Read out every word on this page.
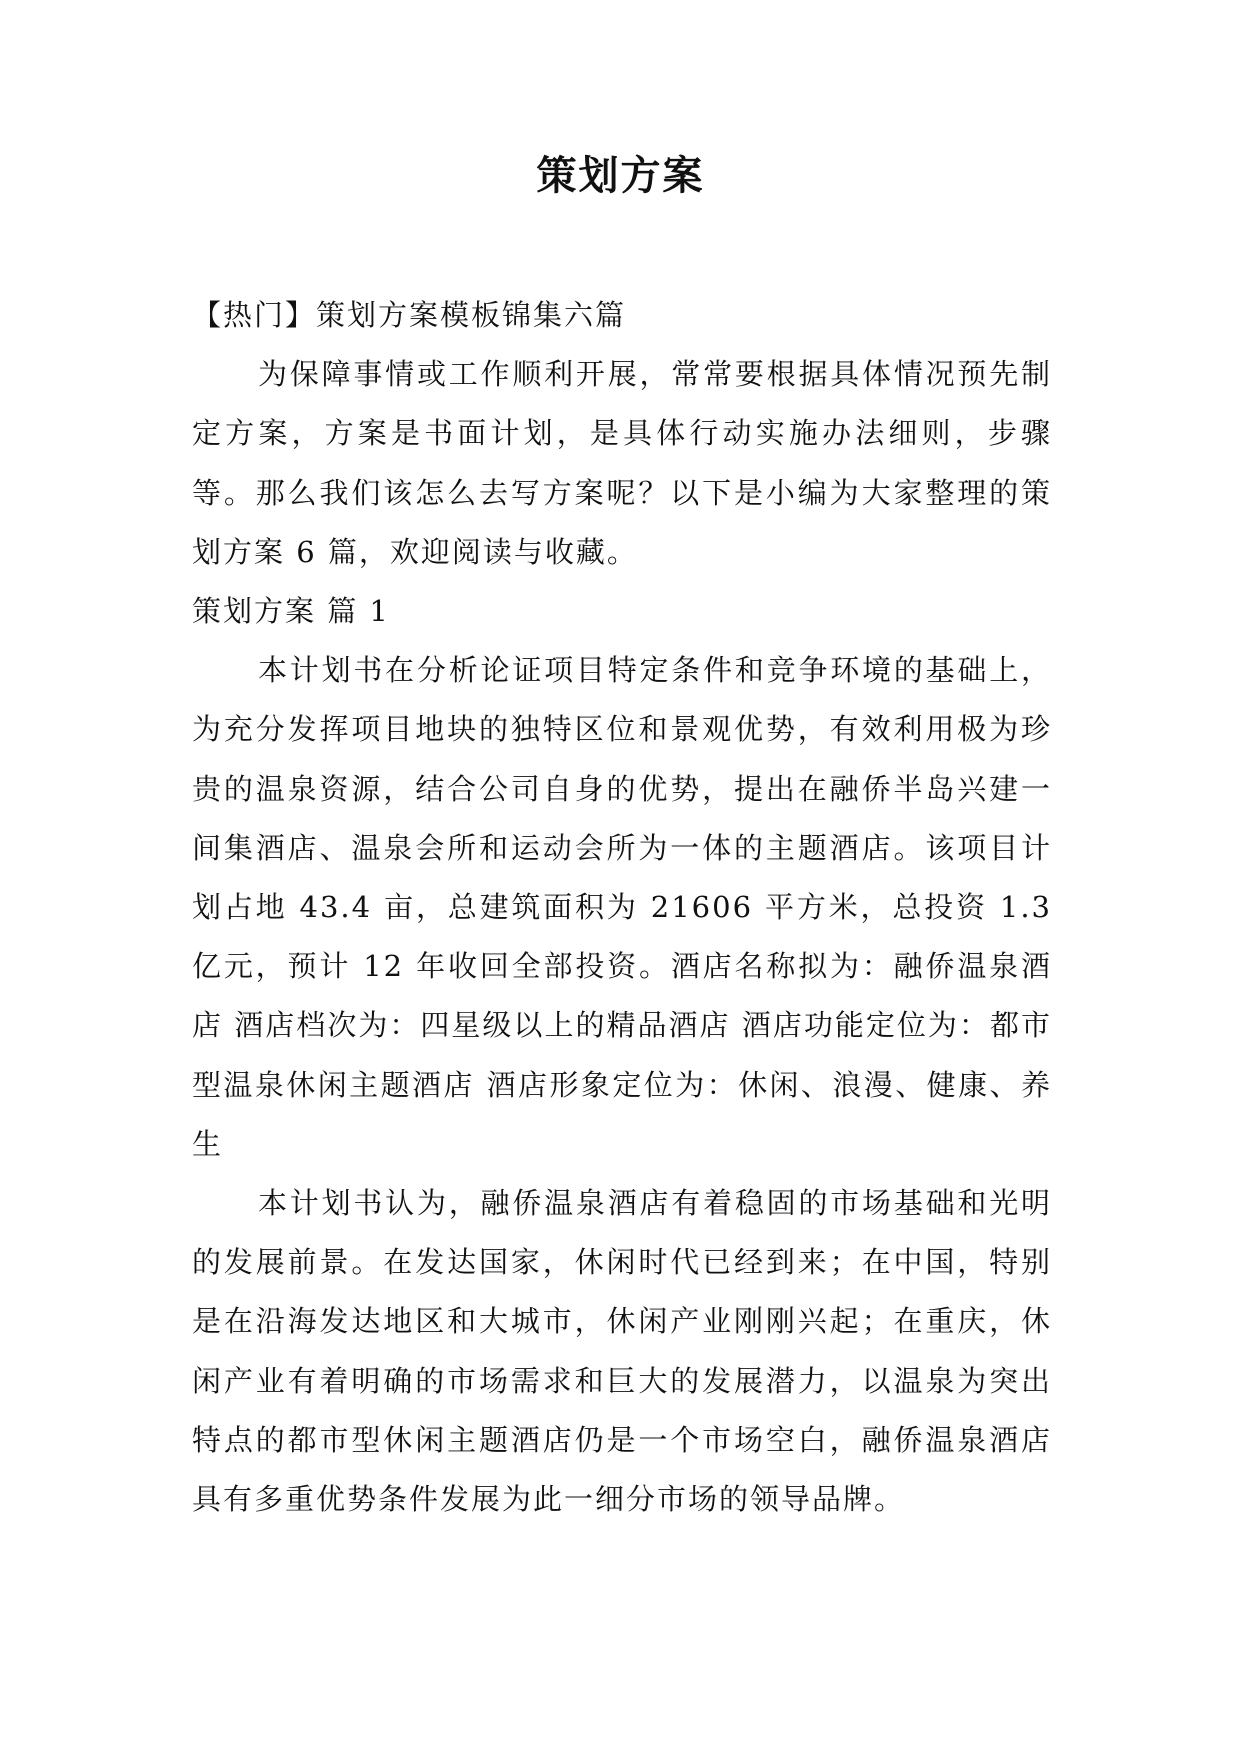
策划方案

【热门】策划方案模板锦集六篇

为保障事情或工作顺利开展，常常要根据具体情况预先制定方案，方案是书面计划，是具体行动实施办法细则，步骤等。那么我们该怎么去写方案呢？以下是小编为大家整理的策划方案 6 篇，欢迎阅读与收藏。

策划方案 篇 1

本计划书在分析论证项目特定条件和竞争环境的基础上，为充分发挥项目地块的独特区位和景观优势，有效利用极为珍贵的温泉资源，结合公司自身的优势，提出在融侨半岛兴建一间集酒店、温泉会所和运动会所为一体的主题酒店。该项目计划占地 43.4 亩，总建筑面积为 21606 平方米，总投资 1.3 亿元，预计 12 年收回全部投资。酒店名称拟为：融侨温泉酒店 酒店档次为：四星级以上的精品酒店 酒店功能定位为：都市型温泉休闲主题酒店 酒店形象定位为：休闲、浪漫、健康、养生

本计划书认为，融侨温泉酒店有着稳固的市场基础和光明的发展前景。在发达国家，休闲时代已经到来；在中国，特别是在沿海发达地区和大城市，休闲产业刚刚兴起；在重庆，休闲产业有着明确的市场需求和巨大的发展潜力，以温泉为突出特点的都市型休闲主题酒店仍是一个市场空白，融侨温泉酒店具有多重优势条件发展为此一细分市场的领导品牌。
